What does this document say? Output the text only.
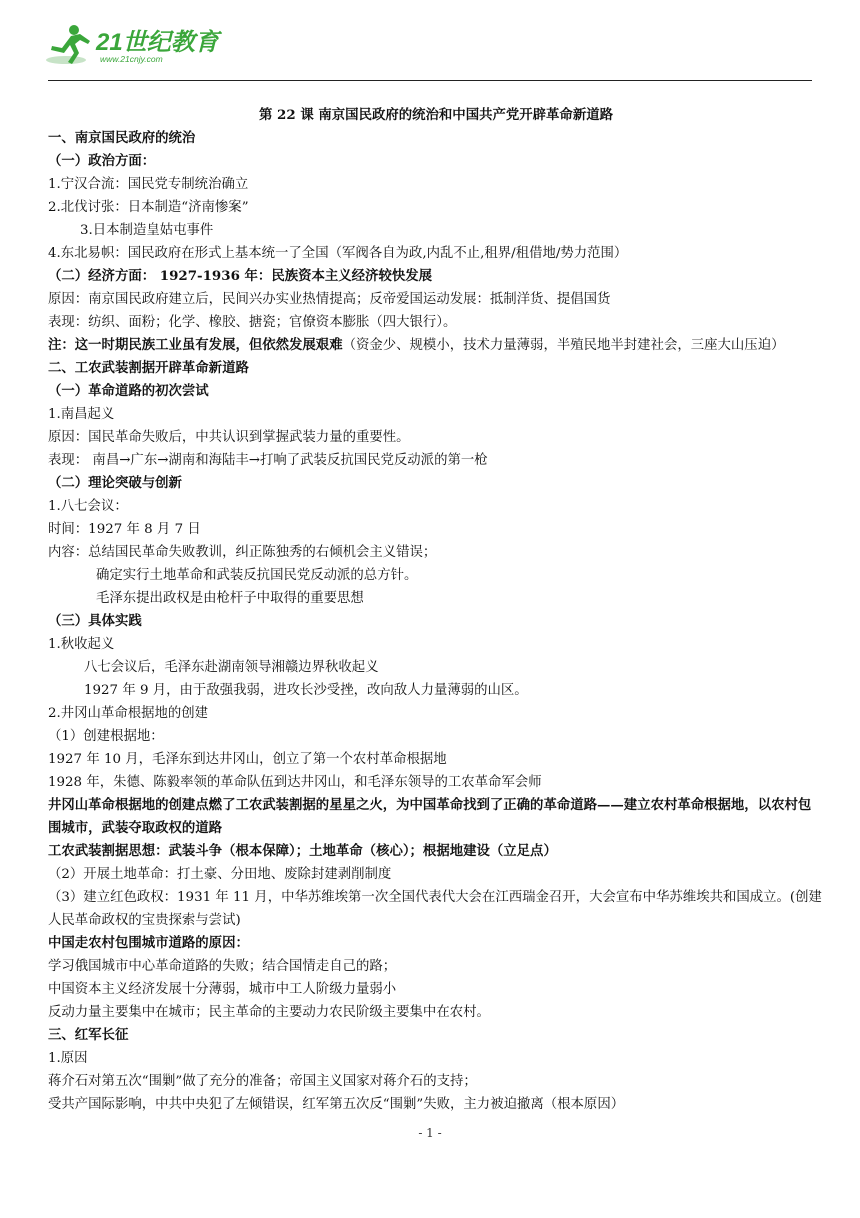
21世纪教育
www.21cnjy.com
第 22 课 南京国民政府的统治和中国共产党开辟革命新道路
一、南京国民政府的统治
（一）政治方面：
1.宁汉合流：国民党专制统治确立
2.北伐讨张：日本制造“济南惨案”
3.日本制造皇姑屯事件
4.东北易帜：国民政府在形式上基本统一了全国（军阀各自为政,内乱不止,租界/租借地/势力范围）
（二）经济方面： 1927-1936 年：民族资本主义经济较快发展
原因：南京国民政府建立后，民间兴办实业热情提高；反帝爱国运动发展：抵制洋货、提倡国货
表现：纺织、面粉；化学、橡胶、搪瓷；官僚资本膨胀（四大银行）。
注：这一时期民族工业虽有发展，但依然发展艰难（资金少、规模小，技术力量薄弱，半殖民地半封建社会，三座大山压迫）
二、工农武装割据开辟革命新道路
（一）革命道路的初次尝试
1.南昌起义
原因：国民革命失败后，中共认识到掌握武装力量的重要性。
表现： 南昌→广东→湖南和海陆丰→打响了武装反抗国民党反动派的第一枪
（二）理论突破与创新
1.八七会议：
时间：1927 年 8 月 7 日
内容：总结国民革命失败教训，纠正陈独秀的右倾机会主义错误；
确定实行土地革命和武装反抗国民党反动派的总方针。
毛泽东提出政权是由枪杆子中取得的重要思想
（三）具体实践
1.秋收起义
八七会议后，毛泽东赴湖南领导湘赣边界秋收起义
1927 年 9 月，由于敌强我弱，进攻长沙受挫，改向敌人力量薄弱的山区。
2.井冈山革命根据地的创建
（1）创建根据地：
1927 年 10 月，毛泽东到达井冈山，创立了第一个农村革命根据地
1928 年，朱德、陈毅率领的革命队伍到达井冈山，和毛泽东领导的工农革命军会师
井冈山革命根据地的创建点燃了工农武装割据的星星之火，为中国革命找到了正确的革命道路——建立农村革命根据地，以农村包围城市，武装夺取政权的道路
工农武装割据思想：武装斗争（根本保障）；土地革命（核心）；根据地建设（立足点）
（2）开展土地革命：打土豪、分田地、废除封建剥削制度
（3）建立红色政权：1931 年 11 月，中华苏维埃第一次全国代表代大会在江西瑞金召开，大会宣布中华苏维埃共和国成立。(创建人民革命政权的宝贵探索与尝试)
中国走农村包围城市道路的原因：
学习俄国城市中心革命道路的失败；结合国情走自己的路；
中国资本主义经济发展十分薄弱，城市中工人阶级力量弱小
反动力量主要集中在城市；民主革命的主要动力农民阶级主要集中在农村。
三、红军长征
1.原因
蒋介石对第五次“围剿”做了充分的准备；帝国主义国家对蒋介石的支持；
受共产国际影响，中共中央犯了左倾错误，红军第五次反“围剿”失败，主力被迫撤离（根本原因）
- 1 -
